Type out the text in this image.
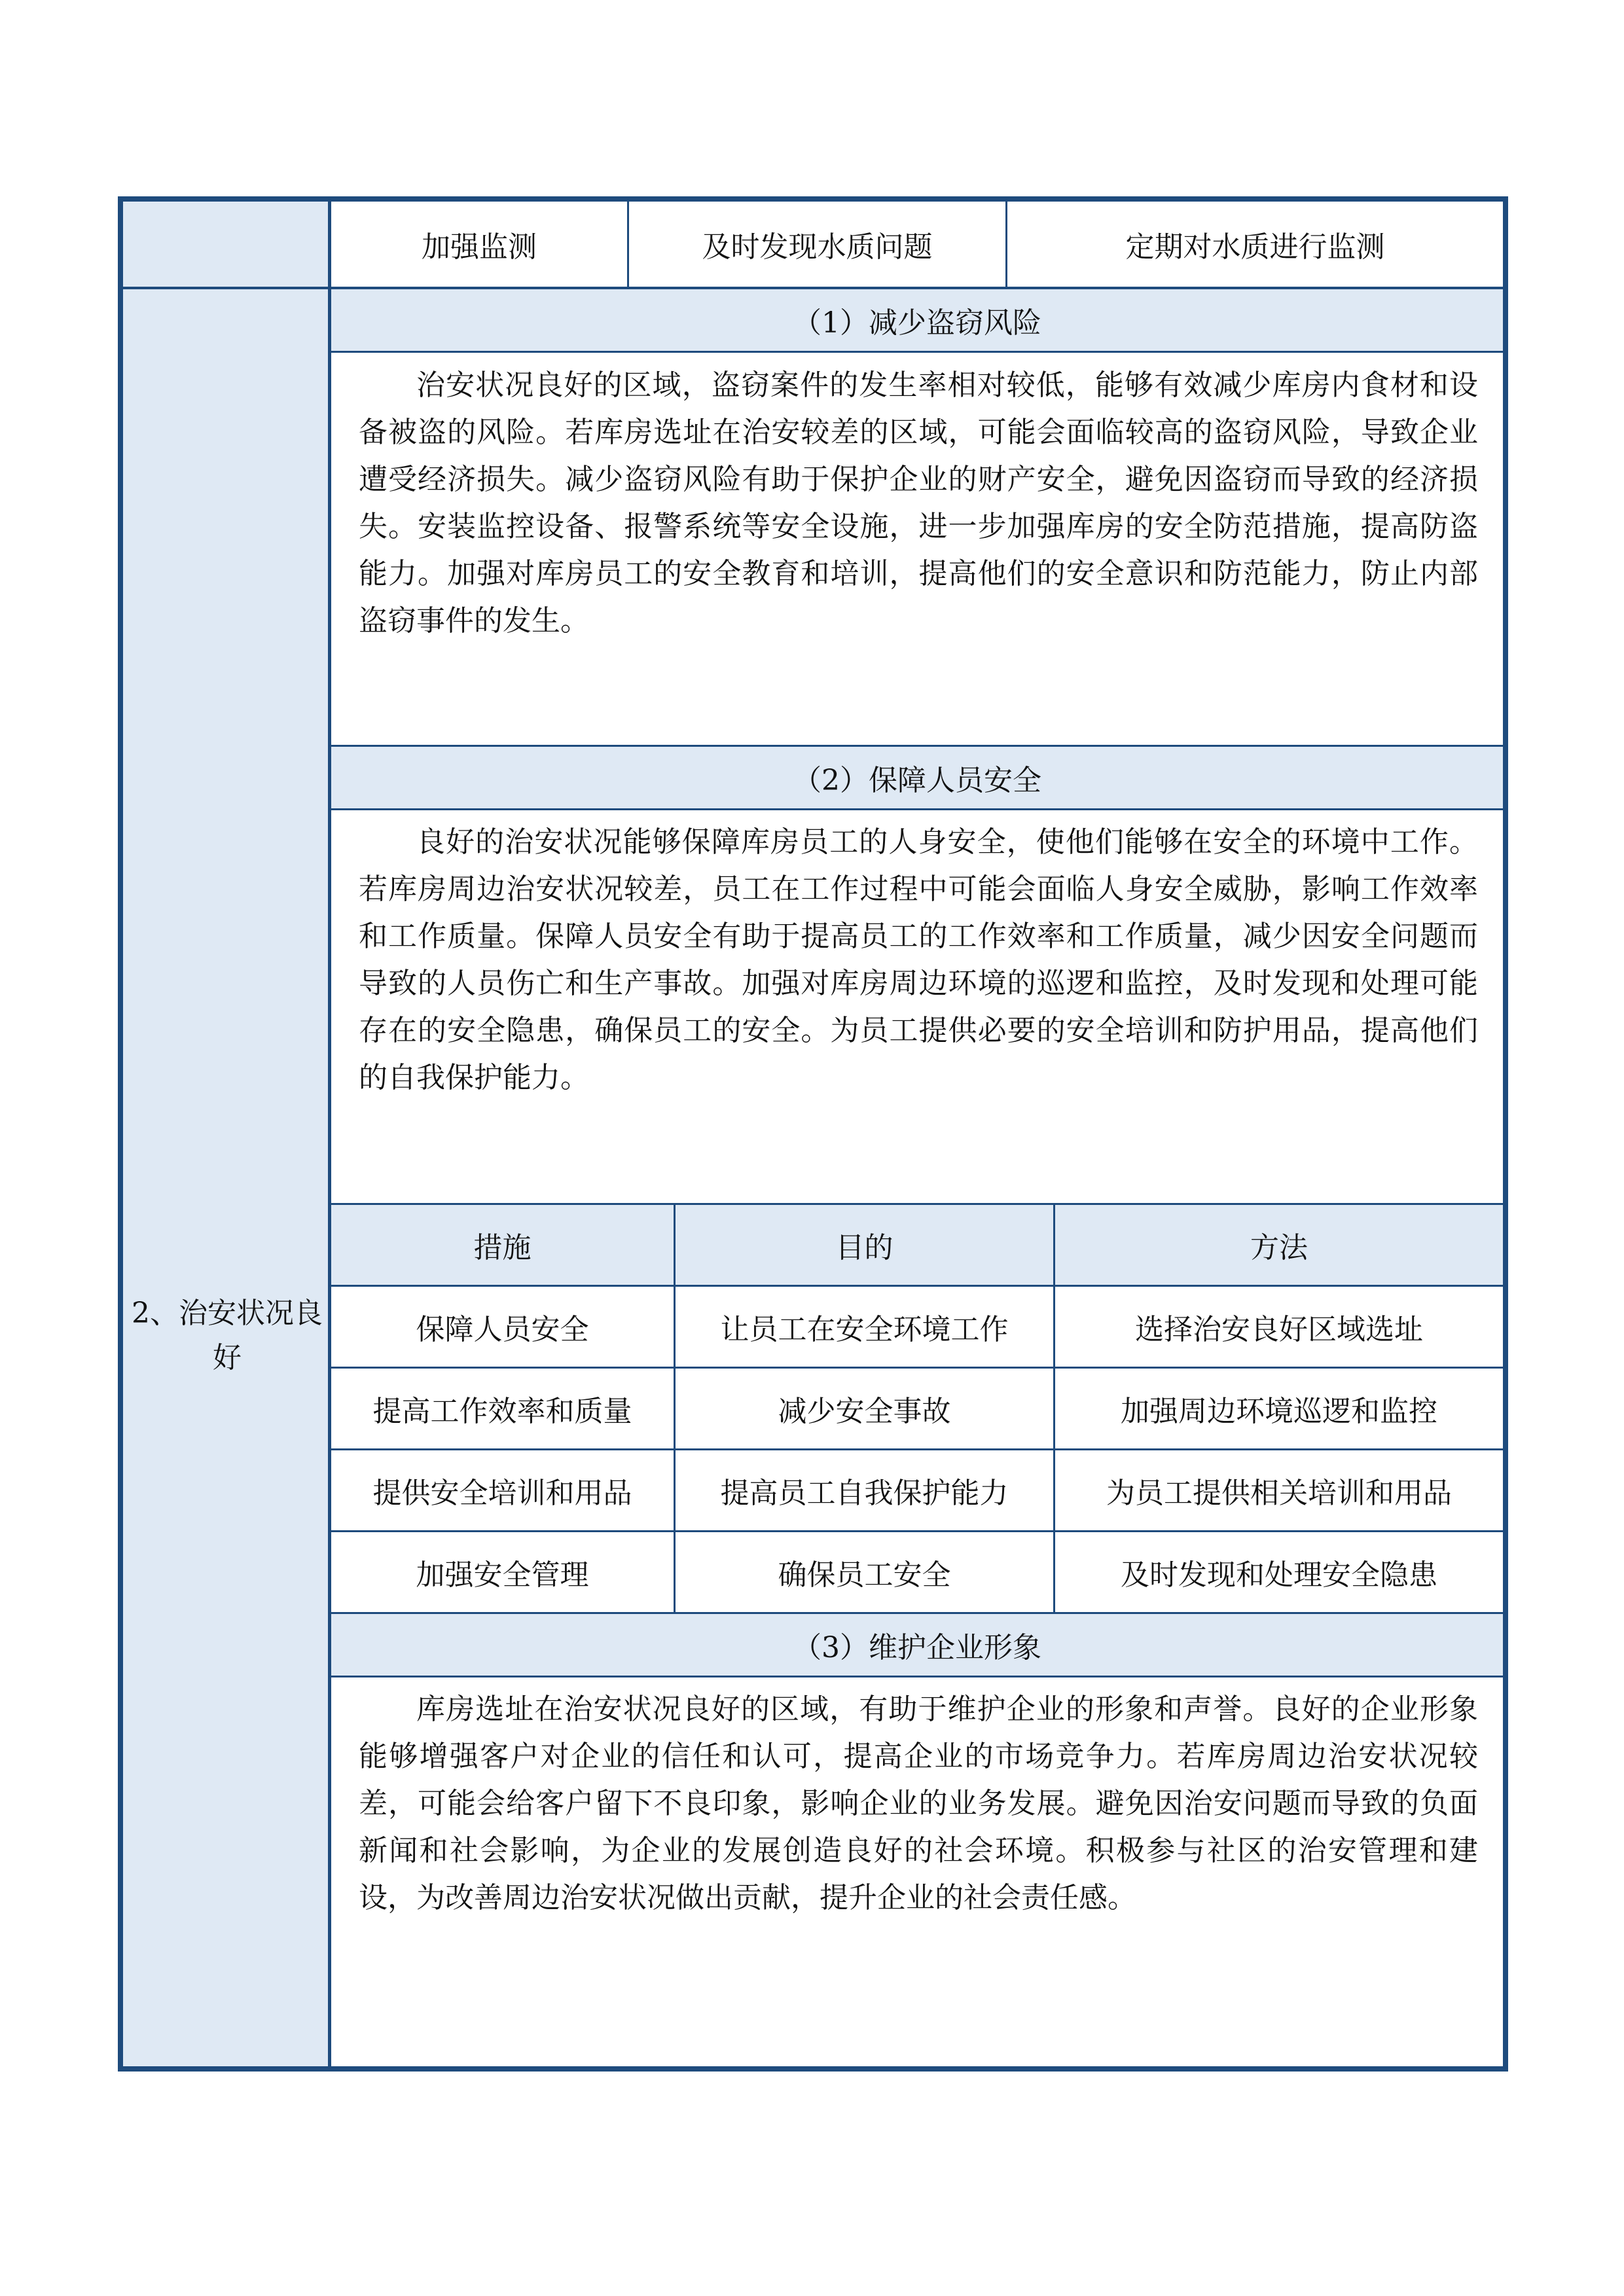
2、治安状况良好
加强监测	及时发现水质问题	定期对水质进行监测
（1）减少盗窃风险

治安状况良好的区域，盗窃案件的发生率相对较低，能够有效减少库房内食材和设备被盗的风险。若库房选址在治安较差的区域，可能会面临较高的盗窃风险，导致企业遭受经济损失。减少盗窃风险有助于保护企业的财产安全，避免因盗窃而导致的经济损失。安装监控设备、报警系统等安全设施，进一步加强库房的安全防范措施，提高防盗能力。加强对库房员工的安全教育和培训，提高他们的安全意识和防范能力，防止内部盗窃事件的发生。

（2）保障人员安全

良好的治安状况能够保障库房员工的人身安全，使他们能够在安全的环境中工作。若库房周边治安状况较差，员工在工作过程中可能会面临人身安全威胁，影响工作效率和工作质量。保障人员安全有助于提高员工的工作效率和工作质量，减少因安全问题而导致的人员伤亡和生产事故。加强对库房周边环境的巡逻和监控，及时发现和处理可能存在的安全隐患，确保员工的安全。为员工提供必要的安全培训和防护用品，提高他们的自我保护能力。

措施	目的	方法
保障人员安全	让员工在安全环境工作	选择治安良好区域选址
提高工作效率和质量	减少安全事故	加强周边环境巡逻和监控
提供安全培训和用品	提高员工自我保护能力	为员工提供相关培训和用品
加强安全管理	确保员工安全	及时发现和处理安全隐患
（3）维护企业形象

库房选址在治安状况良好的区域，有助于维护企业的形象和声誉。良好的企业形象能够增强客户对企业的信任和认可，提高企业的市场竞争力。若库房周边治安状况较差，可能会给客户留下不良印象，影响企业的业务发展。避免因治安问题而导致的负面新闻和社会影响，为企业的发展创造良好的社会环境。积极参与社区的治安管理和建设，为改善周边治安状况做出贡献，提升企业的社会责任感。
